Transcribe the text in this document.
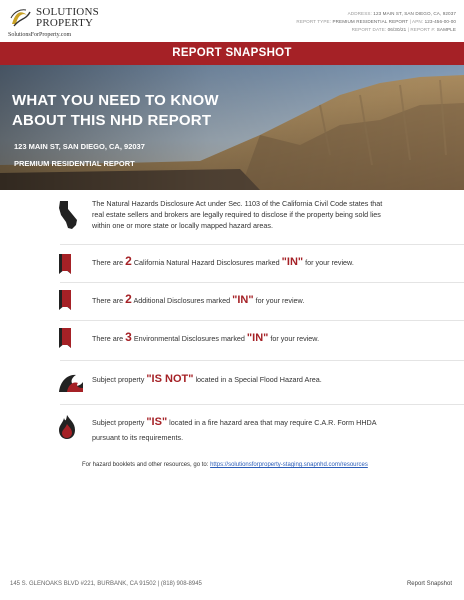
SOLUTIONS
PROPERTY
SolutionsForProperty.com
ADDRESS: 123 MAIN ST, SAN DIEGO, CA, 92037
REPORT TYPE: PREMIUM RESIDENTIAL REPORT | APN: 123-456-00-00
REPORT DATE: 06/30/21 | REPORT #: SAMPLE
REPORT SNAPSHOT
WHAT YOU NEED TO KNOW
ABOUT THIS NHD REPORT
123 MAIN ST, SAN DIEGO, CA, 92037
PREMIUM RESIDENTIAL REPORT
The Natural Hazards Disclosure Act under Sec. 1103 of the California Civil Code states that
real estate sellers and brokers are legally required to disclose if the property being sold lies
within one or more state or locally mapped hazard areas.
There are 2 California Natural Hazard Disclosures marked "IN" for your review.
There are 2 Additional Disclosures marked "IN" for your review.
There are 3 Environmental Disclosures marked "IN" for your review.
Subject property "IS NOT" located in a Special Flood Hazard Area.
Subject property "IS" located in a fire hazard area that may require C.A.R. Form HHDA
pursuant to its requirements.
For hazard booklets and other resources, go to: https://solutionsforproperty-staging.snapnhd.com/resources
145 S. GLENOAKS BLVD #221, BURBANK, CA 91502 | (818) 908-8945	Report Snapshot
